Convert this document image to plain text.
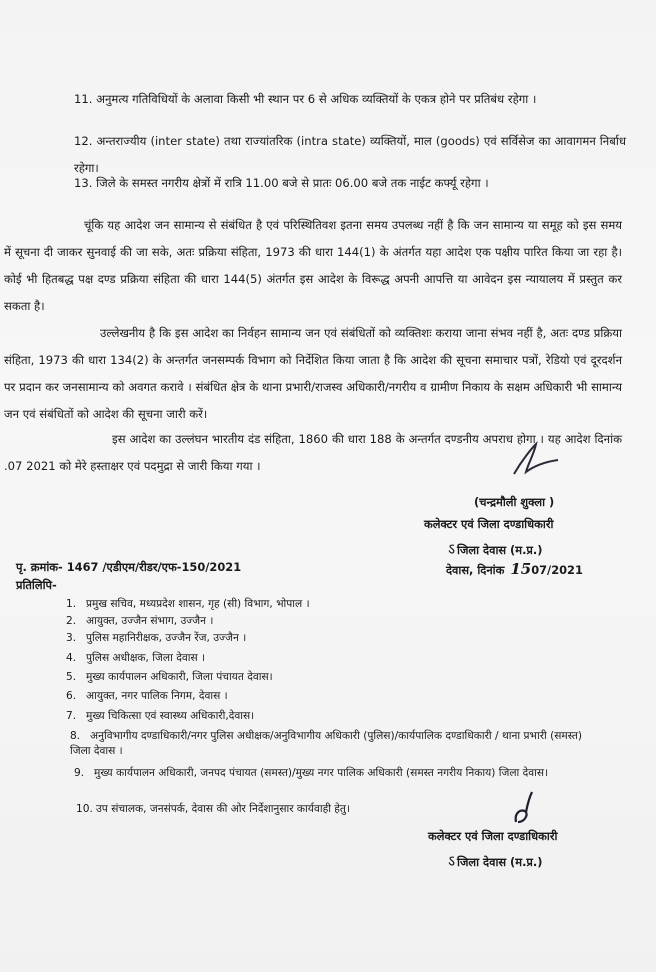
11. अनुमत्य गतिविधियों के अलावा किसी भी स्थान पर 6 से अधिक व्यक्तियों के एकत्र होने पर प्रतिबंध रहेगा ।
12. अन्तराज्यीय (inter state) तथा राज्यांतरिक (intra state) व्यक्तियों, माल (goods) एवं सर्विसेज का आवागमन निर्बाध रहेगा।
13. जिले के समस्त नगरीय क्षेत्रों में रात्रि 11.00 बजे से प्रातः 06.00 बजे तक नाईट कर्फ्यू रहेगा ।
चूंकि यह आदेश जन सामान्य से संबंधित है एवं परिस्थितिवश इतना समय उपलब्ध नहीं है कि जन सामान्य या समूह को इस समय में सूचना दी जाकर सुनवाई की जा सके, अतः प्रक्रिया संहिता, 1973 की धारा 144(1) के अंतर्गत यहा आदेश एक पक्षीय पारित किया जा रहा है। कोई भी हितबद्ध पक्ष दण्ड प्रक्रिया संहिता की धारा 144(5) अंतर्गत इस आदेश के विरूद्ध अपनी आपत्ति या आवेदन इस न्यायालय में प्रस्तुत कर सकता है।
उल्लेखनीय है कि इस आदेश का निर्वहन सामान्य जन एवं संबंधितों को व्यक्तिशः कराया जाना संभव नहीं है, अतः दण्ड प्रक्रिया संहिता, 1973 की धारा 134(2) के अन्तर्गत जनसम्पर्क विभाग को निर्देशित किया जाता है कि आदेश की सूचना समाचार पत्रों, रेडियो एवं दूरदर्शन पर प्रदान कर जनसामान्य को अवगत करावे । संबंधित क्षेत्र के थाना प्रभारी/राजस्व अधिकारी/नगरीय व ग्रामीण निकाय के सक्षम अधिकारी भी सामान्य जन एवं संबंधितों को आदेश की सूचना जारी करें।
इस आदेश का उल्लंघन भारतीय दंड संहिता, 1860 की धारा 188 के अन्तर्गत दण्डनीय अपराध होगा । यह आदेश दिनांक .07 2021 को मेरे हस्ताक्षर एवं पदमुद्रा से जारी किया गया ।
(चन्द्रमौली शुक्ला )
कलेक्टर एवं जिला दण्डाधिकारी
ऽ जिला देवास (म.प्र.)
पृ. क्रमांक- 1467 /एडीएम/रीडर/एफ-150/2021	देवास, दिनांक 1507/2021
प्रतिलिपि-
1. प्रमुख सचिव, मध्यप्रदेश शासन, गृह (सी) विभाग, भोपाल ।
2. आयुक्त, उज्जैन संभाग, उज्जैन ।
3. पुलिस महानिरीक्षक, उज्जैन रेंज, उज्जैन ।
4. पुलिस अधीक्षक, जिला देवास ।
5. मुख्य कार्यपालन अधिकारी, जिला पंचायत देवास।
6. आयुक्त, नगर पालिक निगम, देवास ।
7. मुख्य चिकित्सा एवं स्वास्थ्य अधिकारी,देवास।
8. अनुविभागीय दण्डाधिकारी/नगर पुलिस अधीक्षक/अनुविभागीय अधिकारी (पुलिस)/कार्यपालिक दण्डाधिकारी / थाना प्रभारी (समस्त) जिला देवास ।
9. मुख्य कार्यपालन अधिकारी, जनपद पंचायत (समस्त)/मुख्य नगर पालिक अधिकारी (समस्त नगरीय निकाय) जिला देवास।
10. उप संचालक, जनसंपर्क, देवास की ओर निर्देशानुसार कार्यवाही हेतु।
कलेक्टर एवं जिला दण्डाधिकारी
ऽ जिला देवास (म.प्र.)
